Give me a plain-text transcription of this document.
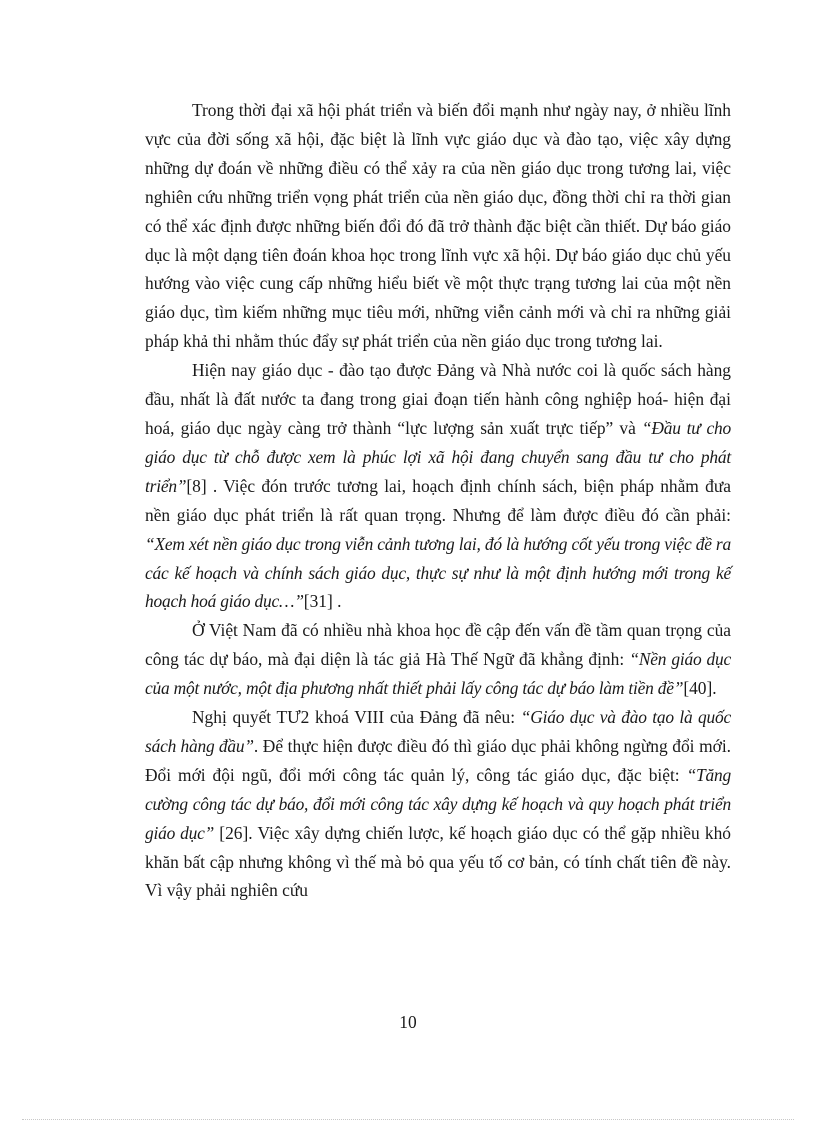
Trong thời đại xã hội phát triển và biến đổi mạnh như ngày nay, ở nhiều lĩnh vực của đời sống xã hội, đặc biệt là lĩnh vực giáo dục và đào tạo, việc xây dựng những dự đoán về những điều có thể xảy ra của nền giáo dục trong tương lai, việc nghiên cứu những triển vọng phát triển của nền giáo dục, đồng thời chỉ ra thời gian có thể xác định được những biến đổi đó đã trở thành đặc biệt cần thiết. Dự báo giáo dục là một dạng tiên đoán khoa học trong lĩnh vực xã hội. Dự báo giáo dục chủ yếu hướng vào việc cung cấp những hiểu biết về một thực trạng tương lai của một nền giáo dục, tìm kiếm những mục tiêu mới, những viễn cảnh mới và chỉ ra những giải pháp khả thi nhằm thúc đẩy sự phát triển của nền giáo dục trong tương lai.

Hiện nay giáo dục - đào tạo được Đảng và Nhà nước coi là quốc sách hàng đầu, nhất là đất nước ta đang trong giai đoạn tiến hành công nghiệp hoá- hiện đại hoá, giáo dục ngày càng trở thành “lực lượng sản xuất trực tiếp” và “Đầu tư cho giáo dục từ chỗ được xem là phúc lợi xã hội đang chuyển sang đầu tư cho phát triển”[8] . Việc đón trước tương lai, hoạch định chính sách, biện pháp nhằm đưa nền giáo dục phát triển là rất quan trọng. Nhưng để làm được điều đó cần phải: “Xem xét nền giáo dục trong viễn cảnh tương lai, đó là hướng cốt yếu trong việc đề ra các kế hoạch và chính sách giáo dục, thực sự như là một định hướng mới trong kế hoạch hoá giáo dục…”[31] .

Ở Việt Nam đã có nhiều nhà khoa học đề cập đến vấn đề tầm quan trọng của công tác dự báo, mà đại diện là tác giả Hà Thế Ngữ đã khẳng định: “Nền giáo dục của một nước, một địa phương nhất thiết phải lấy công tác dự báo làm tiền đề”[40].

Nghị quyết TƯ2 khoá VIII của Đảng đã nêu: “Giáo dục và đào tạo là quốc sách hàng đầu”. Để thực hiện được điều đó thì giáo dục phải không ngừng đổi mới. Đổi mới đội ngũ, đổi mới công tác quản lý, công tác giáo dục, đặc biệt: “Tăng cường công tác dự báo, đổi mới công tác xây dựng kế hoạch và quy hoạch phát triển giáo dục” [26]. Việc xây dựng chiến lược, kế hoạch giáo dục có thể gặp nhiều khó khăn bất cập nhưng không vì thế mà bỏ qua yếu tố cơ bản, có tính chất tiên đề này. Vì vậy phải nghiên cứu

10
